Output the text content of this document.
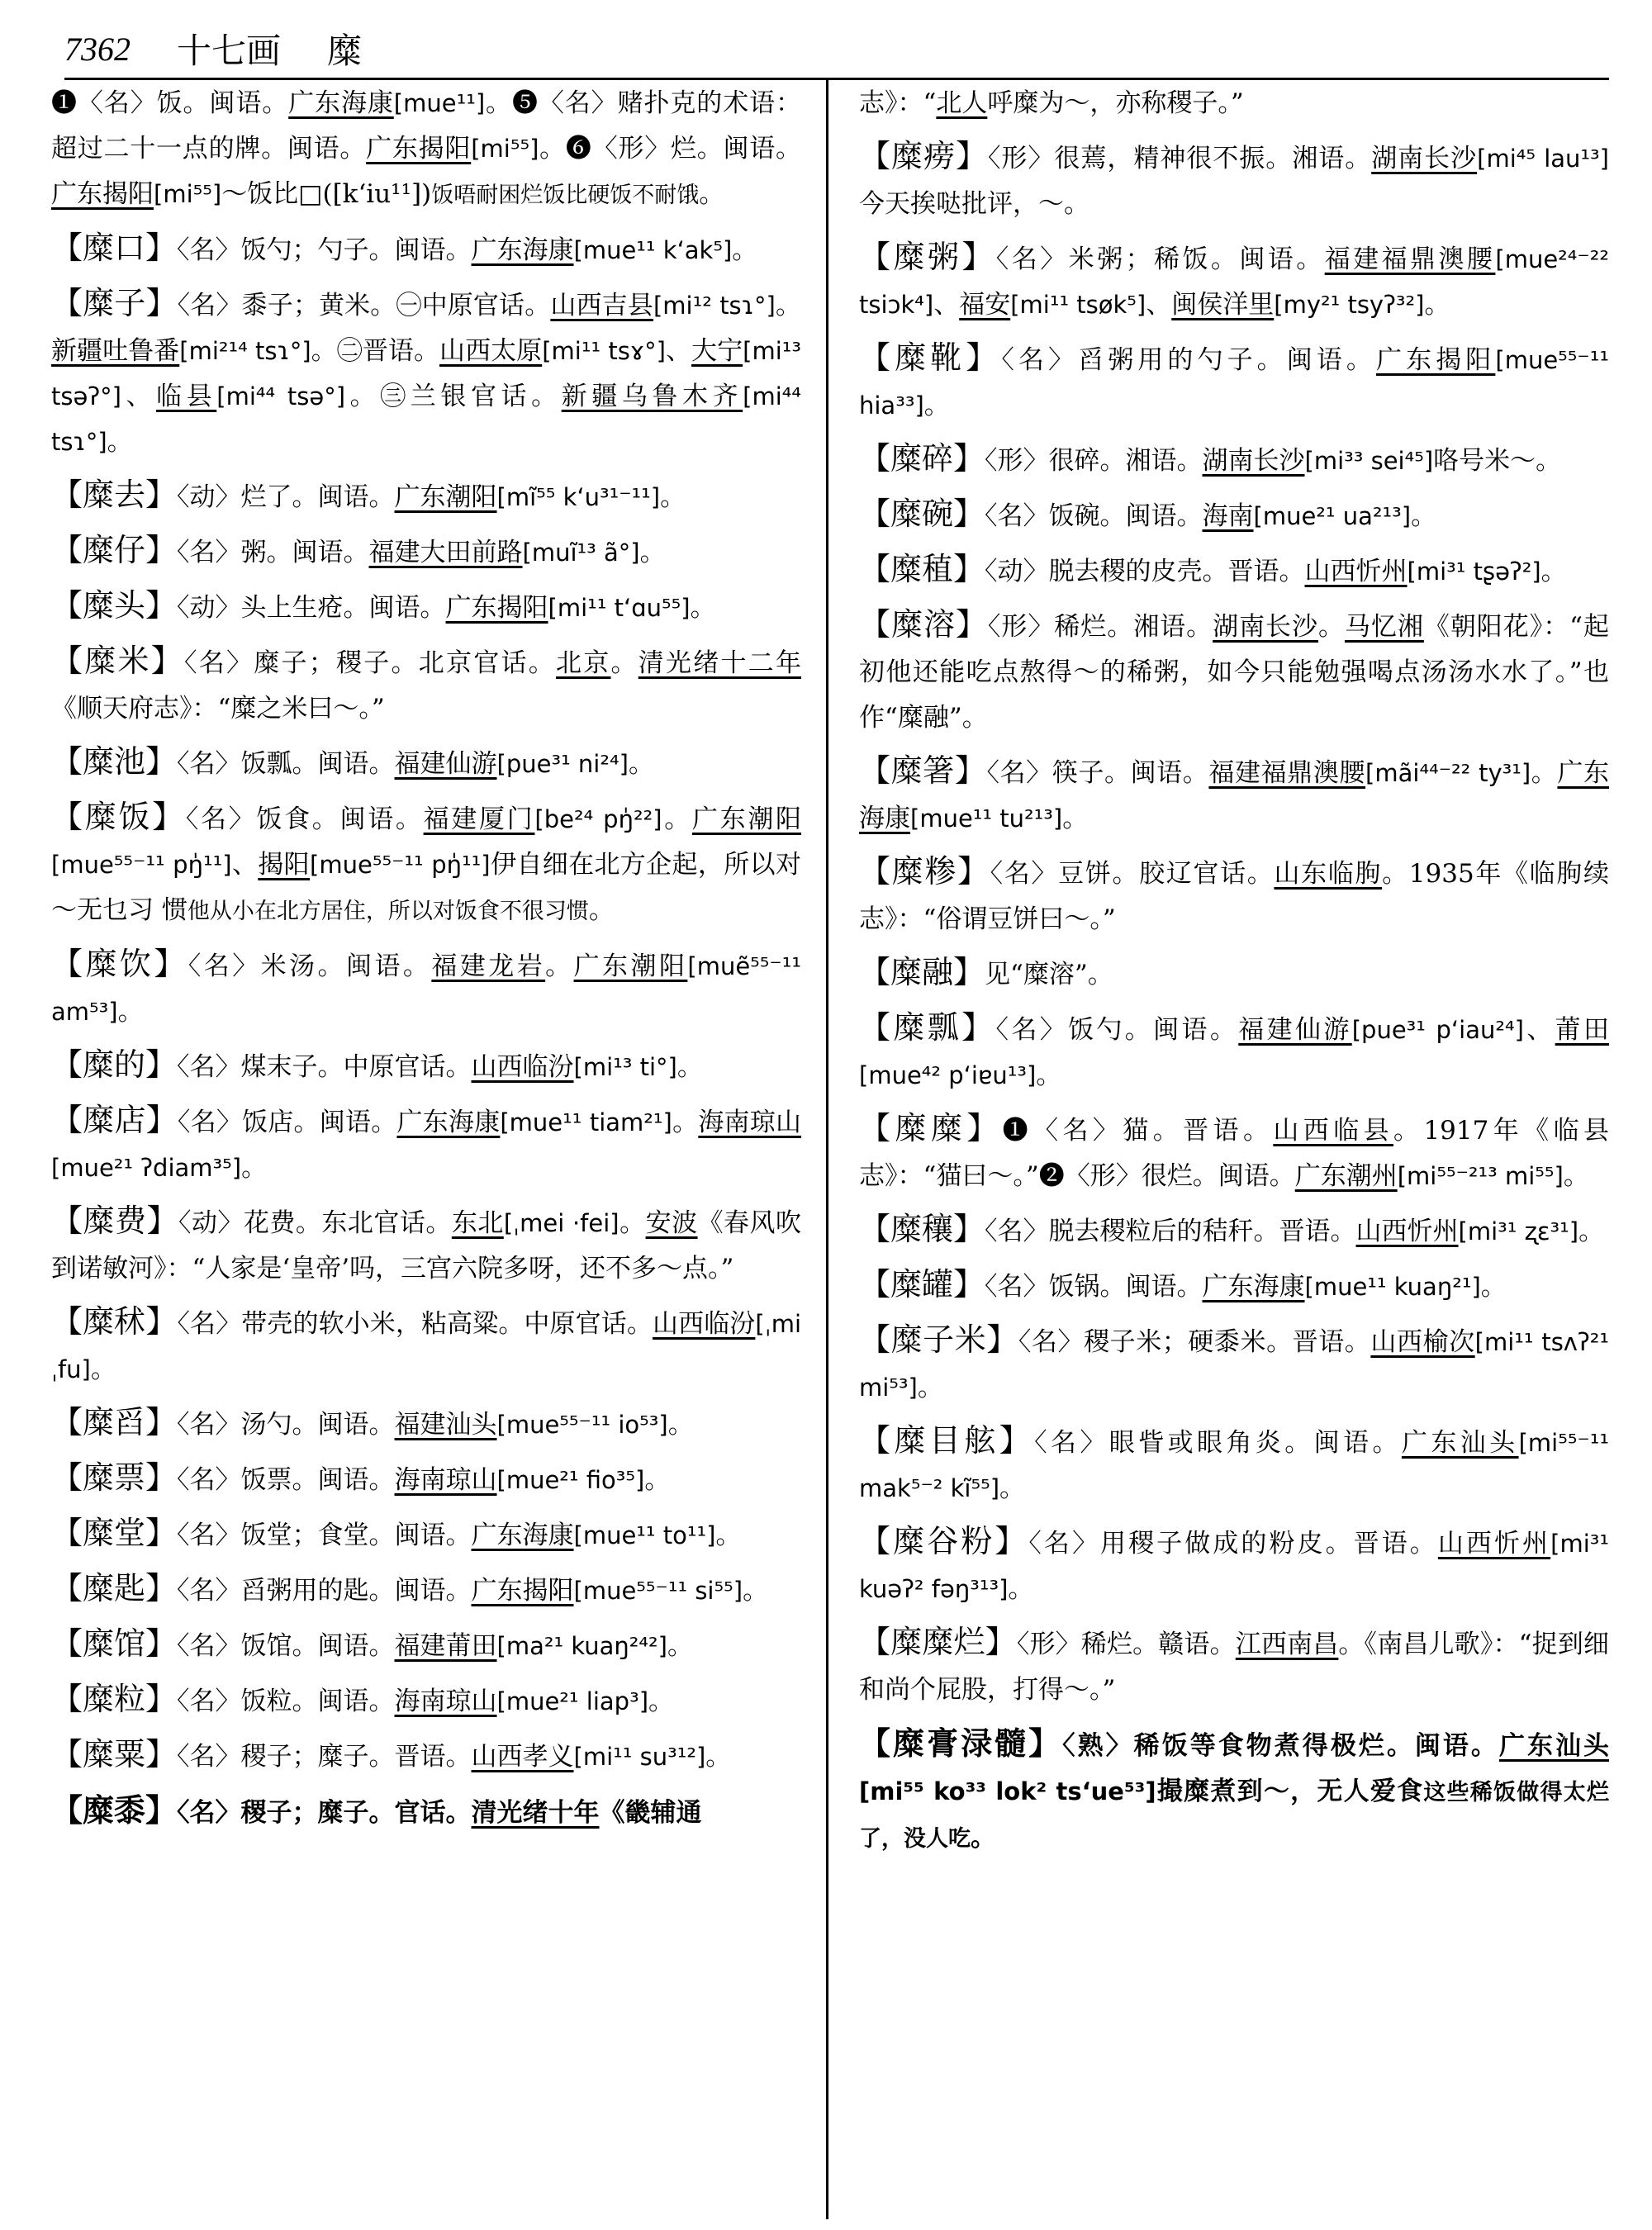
7362 十七画 糜
❶〈名〉饭。闽语。广东海康[mue¹¹]。❺〈名〉赌扑克的术语：超过二十一点的牌。闽语。广东揭阳[mi⁵⁵]。❻〈形〉烂。闽语。广东揭阳[mi⁵⁵]～饭比□([kʻiu¹¹])饭唔耐困烂饭比硬饭不耐饿。
【糜口】〈名〉饭勺；勺子。闽语。广东海康[mue¹¹ kʻak⁵]。
【糜子】〈名〉黍子；黄米。㊀中原官话。山西吉县[mi¹² tsɿ°]。新疆吐鲁番[mi²¹⁴ tsɿ°]。㊁晋语。山西太原[mi¹¹ tsɤ°]、大宁[mi¹³ tsəʔ°]、临县[mi⁴⁴ tsə°]。㊂兰银官话。新疆乌鲁木齐[mi⁴⁴ tsɿ°]。
【糜去】〈动〉烂了。闽语。广东潮阳[mĩ⁵⁵ kʻu³¹⁻¹¹]。
【糜仔】〈名〉粥。闽语。福建大田前路[muĩ¹³ ã°]。
【糜头】〈动〉头上生疮。闽语。广东揭阳[mi¹¹ tʻɑu⁵⁵]。
【糜米】〈名〉糜子；稷子。北京官话。北京。清光绪十二年《顺天府志》：“糜之米曰～。”
【糜池】〈名〉饭瓢。闽语。福建仙游[pue³¹ ni²⁴]。
【糜饭】〈名〉饭食。闽语。福建厦门[be²⁴ pŋ̍²²]。广东潮阳[mue⁵⁵⁻¹¹ pŋ̍¹¹]、揭阳[mue⁵⁵⁻¹¹ pŋ̍¹¹]伊自细在北方企起，所以对～无乜习 惯他从小在北方居住，所以对饭食不很习惯。
【糜饮】〈名〉米汤。闽语。福建龙岩。广东潮阳[muẽ⁵⁵⁻¹¹ am⁵³]。
【糜的】〈名〉煤末子。中原官话。山西临汾[mi¹³ ti°]。
【糜店】〈名〉饭店。闽语。广东海康[mue¹¹ tiam²¹]。海南琼山[mue²¹ ʔdiam³⁵]。
【糜费】〈动〉花费。东北官话。东北[ˌmei ·fei]。安波《春风吹到诺敏河》：“人家是‘皇帝’吗，三宫六院多呀，还不多～点。”
【糜秫】〈名〉带壳的软小米，粘高粱。中原官话。山西临汾[ˌmi ˌfu]。
【糜舀】〈名〉汤勺。闽语。福建汕头[mue⁵⁵⁻¹¹ io⁵³]。
【糜票】〈名〉饭票。闽语。海南琼山[mue²¹ fio³⁵]。
【糜堂】〈名〉饭堂；食堂。闽语。广东海康[mue¹¹ to¹¹]。
【糜匙】〈名〉舀粥用的匙。闽语。广东揭阳[mue⁵⁵⁻¹¹ si⁵⁵]。
【糜馆】〈名〉饭馆。闽语。福建莆田[ma²¹ kuaŋ²⁴²]。
【糜粒】〈名〉饭粒。闽语。海南琼山[mue²¹ liap³]。
【糜粟】〈名〉稷子；糜子。晋语。山西孝义[mi¹¹ su³¹²]。
【糜黍】〈名〉稷子；糜子。官话。清光绪十年《畿辅通
志》：“北人呼糜为～，亦称稷子。”
【糜痨】〈形〉很蔫，精神很不振。湘语。湖南长沙[mi⁴⁵ lau¹³]今天挨哒批评，～。
【糜粥】〈名〉米粥；稀饭。闽语。福建福鼎澳腰[mue²⁴⁻²² tsiɔk⁴]、福安[mi¹¹ tsøk⁵]、闽侯洋里[my²¹ tsyʔ³²]。
【糜靴】〈名〉舀粥用的勺子。闽语。广东揭阳[mue⁵⁵⁻¹¹ hia³³]。
【糜碎】〈形〉很碎。湘语。湖南长沙[mi³³ sei⁴⁵]咯号米～。
【糜碗】〈名〉饭碗。闽语。海南[mue²¹ ua²¹³]。
【糜稙】〈动〉脱去稷的皮壳。晋语。山西忻州[mi³¹ tʂəʔ²]。
【糜溶】〈形〉稀烂。湘语。湖南长沙。马忆湘《朝阳花》：“起初他还能吃点熬得～的稀粥，如今只能勉强喝点汤汤水水了。”也作“糜融”。
【糜箸】〈名〉筷子。闽语。福建福鼎澳腰[mãi⁴⁴⁻²² ty³¹]。广东海康[mue¹¹ tu²¹³]。
【糜糁】〈名〉豆饼。胶辽官话。山东临朐。1935年《临朐续志》：“俗谓豆饼曰～。”
【糜融】见“糜溶”。
【糜瓢】〈名〉饭勺。闽语。福建仙游[pue³¹ pʻiau²⁴]、莆田[mue⁴² pʻiɐu¹³]。
【糜糜】❶〈名〉猫。晋语。山西临县。1917年《临县志》：“猫曰～。”❷〈形〉很烂。闽语。广东潮州[mi⁵⁵⁻²¹³ mi⁵⁵]。
【糜穰】〈名〉脱去稷粒后的秸秆。晋语。山西忻州[mi³¹ ʐɛ³¹]。
【糜罐】〈名〉饭锅。闽语。广东海康[mue¹¹ kuaŋ²¹]。
【糜子米】〈名〉稷子米；硬黍米。晋语。山西榆次[mi¹¹ tsʌʔ²¹ mi⁵³]。
【糜目舷】〈名〉眼眥或眼角炎。闽语。广东汕头[mi⁵⁵⁻¹¹ mak⁵⁻² kĩ⁵⁵]。
【糜谷粉】〈名〉用稷子做成的粉皮。晋语。山西忻州[mi³¹ kuəʔ² fəŋ³¹³]。
【糜糜烂】〈形〉稀烂。赣语。江西南昌。《南昌儿歌》：“捉到细和尚个屁股，打得～。”
【糜膏渌髓】〈熟〉稀饭等食物煮得极烂。闽语。广东汕头[mi⁵⁵ ko³³ lok² tsʻue⁵³]撮糜煮到～，无人爱食这些稀饭做得太烂了，没人吃。
